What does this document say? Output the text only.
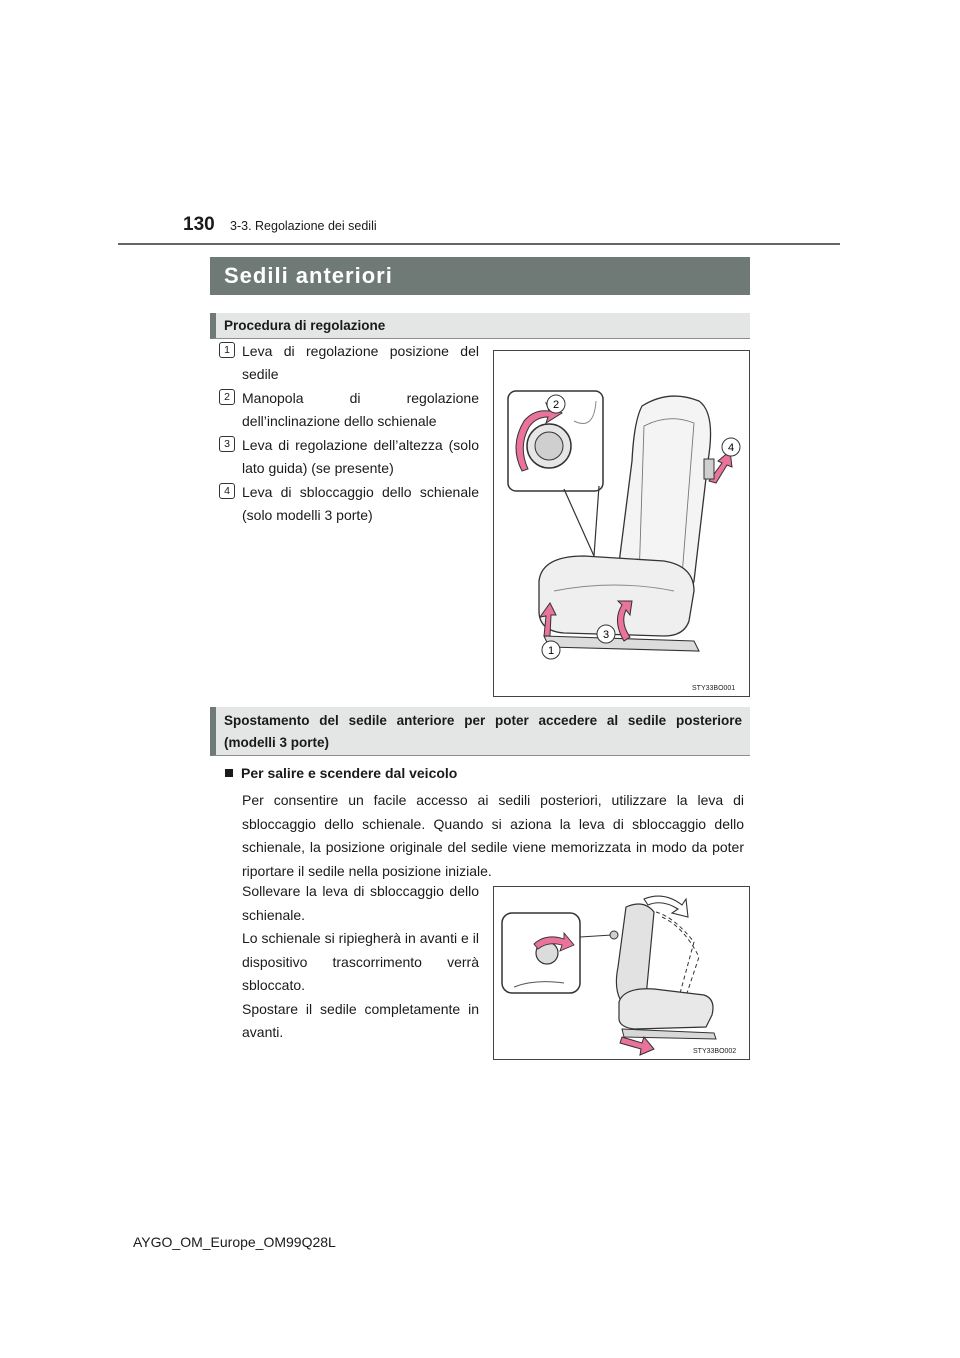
130 3-3. Regolazione dei sedili
Sedili anteriori
Procedura di regolazione
1 Leva di regolazione posizione del sedile
2 Manopola di regolazione dell’inclinazione dello schienale
3 Leva di regolazione dell’altezza (solo lato guida) (se presente)
4 Leva di sbloccaggio dello schienale (solo modelli 3 porte)
2
4
3
1
STY33BO001
Spostamento del sedile anteriore per poter accedere al sedile posteriore (modelli 3 porte)
Per salire e scendere dal veicolo
Per consentire un facile accesso ai sedili posteriori, utilizzare la leva di sbloccaggio dello schienale. Quando si aziona la leva di sbloccaggio dello schienale, la posizione originale del sedile viene memorizzata in modo da poter riportare il sedile nella posizione iniziale.
Sollevare la leva di sbloccaggio dello schienale.
Lo schienale si ripiegherà in avanti e il dispositivo trascorrimento verrà sbloccato.
Spostare il sedile completamente in avanti.
STY33BO002
AYGO_OM_Europe_OM99Q28L
